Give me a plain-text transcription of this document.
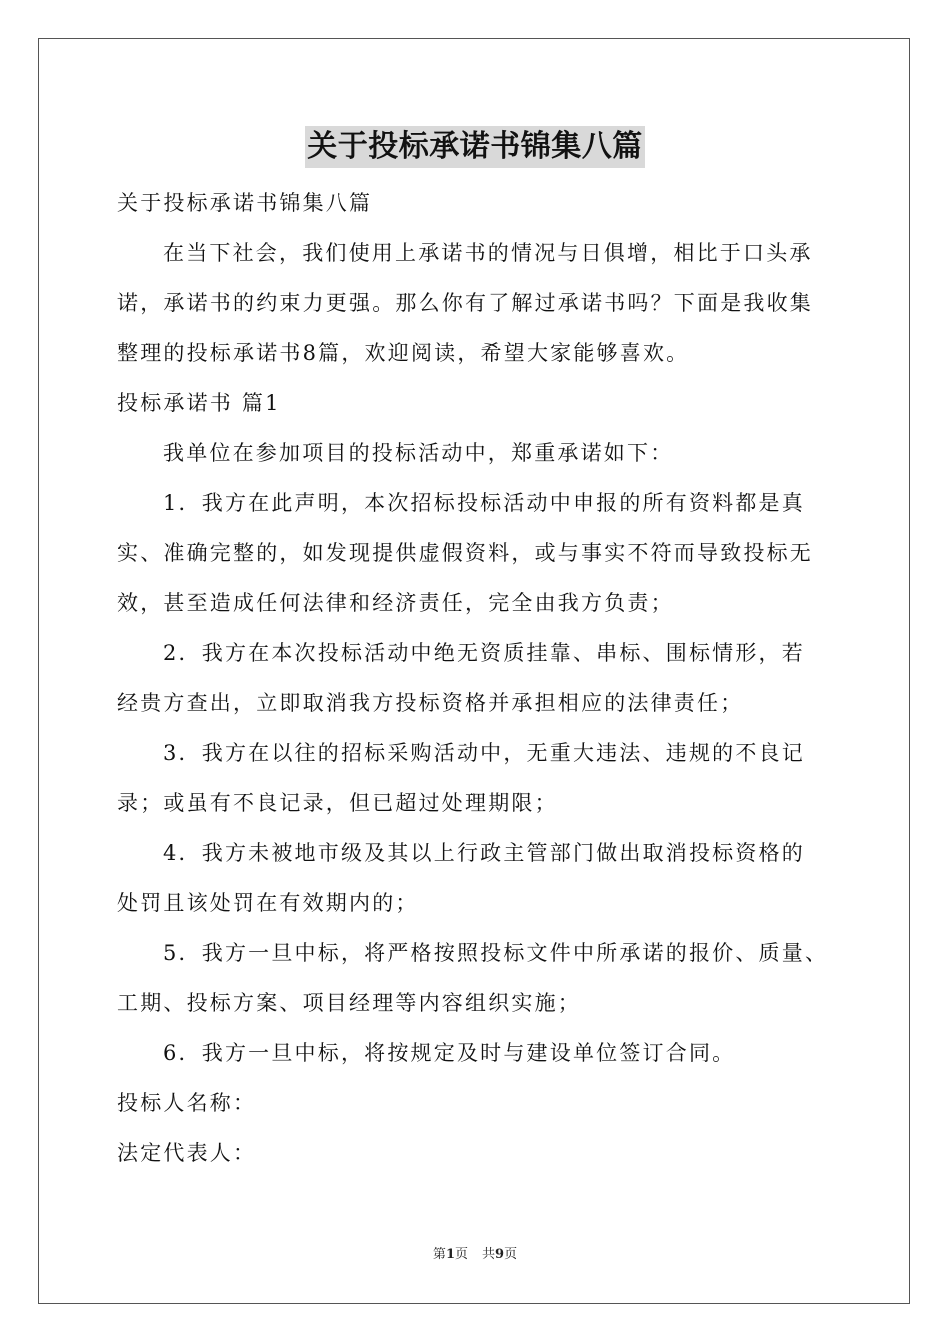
关于投标承诺书锦集八篇
关于投标承诺书锦集八篇
在当下社会，我们使用上承诺书的情况与日俱增，相比于口头承
诺，承诺书的约束力更强。那么你有了解过承诺书吗？下面是我收集
整理的投标承诺书8篇，欢迎阅读，希望大家能够喜欢。
投标承诺书 篇1
我单位在参加项目的投标活动中，郑重承诺如下：
1．我方在此声明，本次招标投标活动中申报的所有资料都是真
实、准确完整的，如发现提供虚假资料，或与事实不符而导致投标无
效，甚至造成任何法律和经济责任，完全由我方负责；
2．我方在本次投标活动中绝无资质挂靠、串标、围标情形，若
经贵方查出，立即取消我方投标资格并承担相应的法律责任；
3．我方在以往的招标采购活动中，无重大违法、违规的不良记
录；或虽有不良记录，但已超过处理期限；
4．我方未被地市级及其以上行政主管部门做出取消投标资格的
处罚且该处罚在有效期内的；
5．我方一旦中标，将严格按照投标文件中所承诺的报价、质量、
工期、投标方案、项目经理等内容组织实施；
6．我方一旦中标，将按规定及时与建设单位签订合同。
投标人名称：
法定代表人：
第1页 共9页
